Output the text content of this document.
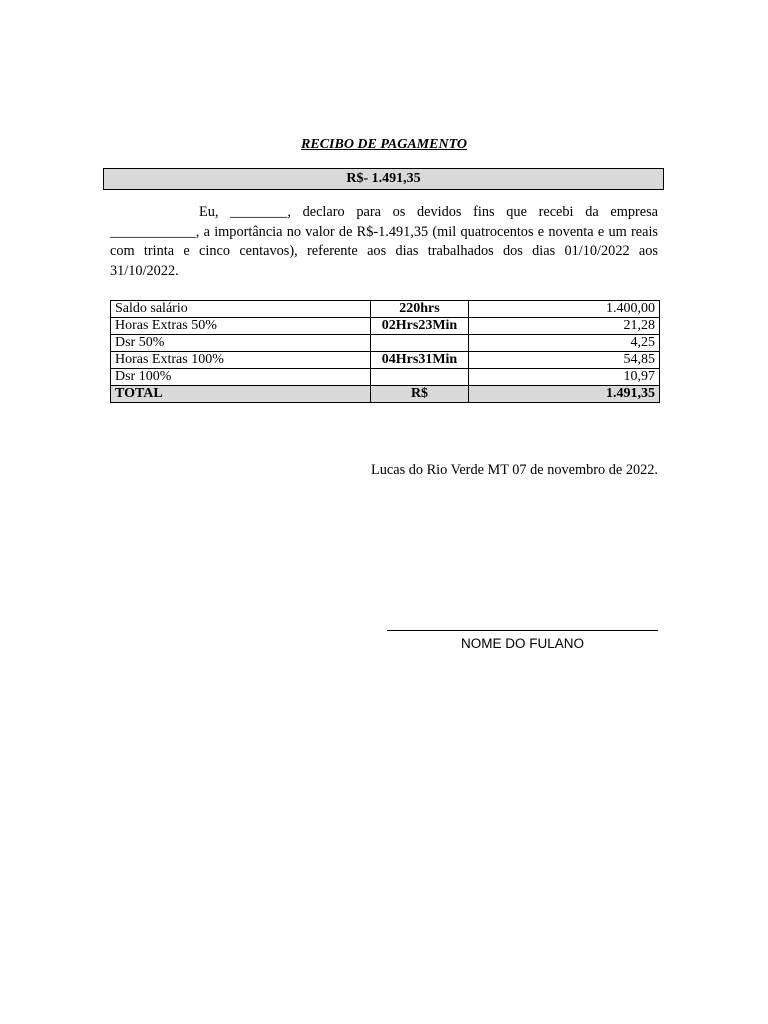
RECIBO DE PAGAMENTO
R$- 1.491,35

Eu, ________, declaro para os devidos fins que recebi da empresa ____________, a importância no valor de R$-1.491,35 (mil quatrocentos e noventa e um reais com trinta e cinco centavos), referente aos dias trabalhados dos dias 01/10/2022 aos 31/10/2022.

Saldo salário	220hrs	1.400,00
Horas Extras 50%	02Hrs23Min	21,28
Dsr 50%		4,25
Horas Extras 100%	04Hrs31Min	54,85
Dsr 100%		10,97
TOTAL	R$	1.491,35
Lucas do Rio Verde MT 07 de novembro de 2022.
NOME DO FULANO
